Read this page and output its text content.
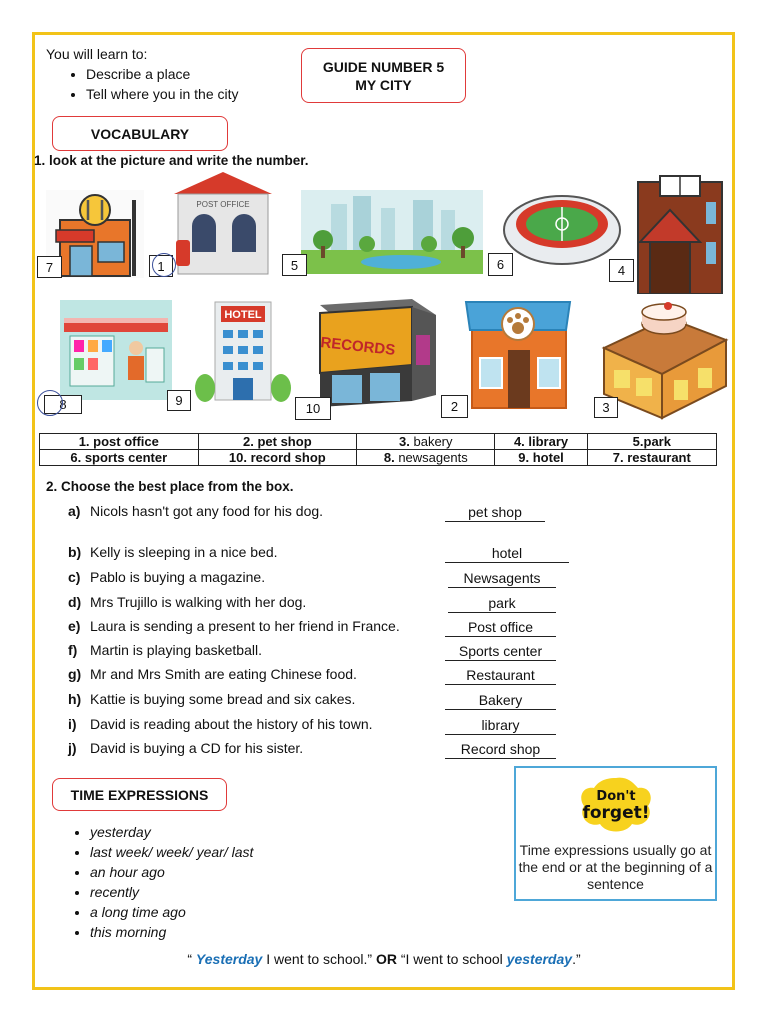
You will learn to:
• Describe a place
• Tell where you in the city
GUIDE NUMBER 5
MY CITY
VOCABULARY
1. look at the picture and write the number.
7
POST OFFICE
1	5	6	4
8
HOTEL
9
RECORDS
10	2	3
1. post office	2. pet shop	3. bakery	4. library	5.park
6. sports center	10. record shop	8. newsagents	9. hotel	7. restaurant
2. Choose the best place from the box.
a) Nicols hasn't got any food for his dog.	pet shop
b) Kelly is sleeping in a nice bed.	hotel
c) Pablo is buying a magazine.	Newsagents
d) Mrs Trujillo is walking with her dog.	park
e) Laura is sending a present to her friend in France.	Post office
f) Martin is playing basketball.	Sports center
g) Mr and Mrs Smith are eating Chinese food.	Restaurant
h) Kattie is buying some bread and six cakes.	Bakery
i) David is reading about the history of his town.	library
j) David is buying a CD for his sister.	Record shop
TIME EXPRESSIONS
• yesterday
• last week/ week/ year/ last
• an hour ago
• recently
• a long time ago
• this morning
Don't
forget!
Time expressions usually go at the end or at the beginning of a sentence
“ Yesterday I went to school.” OR “I went to school yesterday.”
